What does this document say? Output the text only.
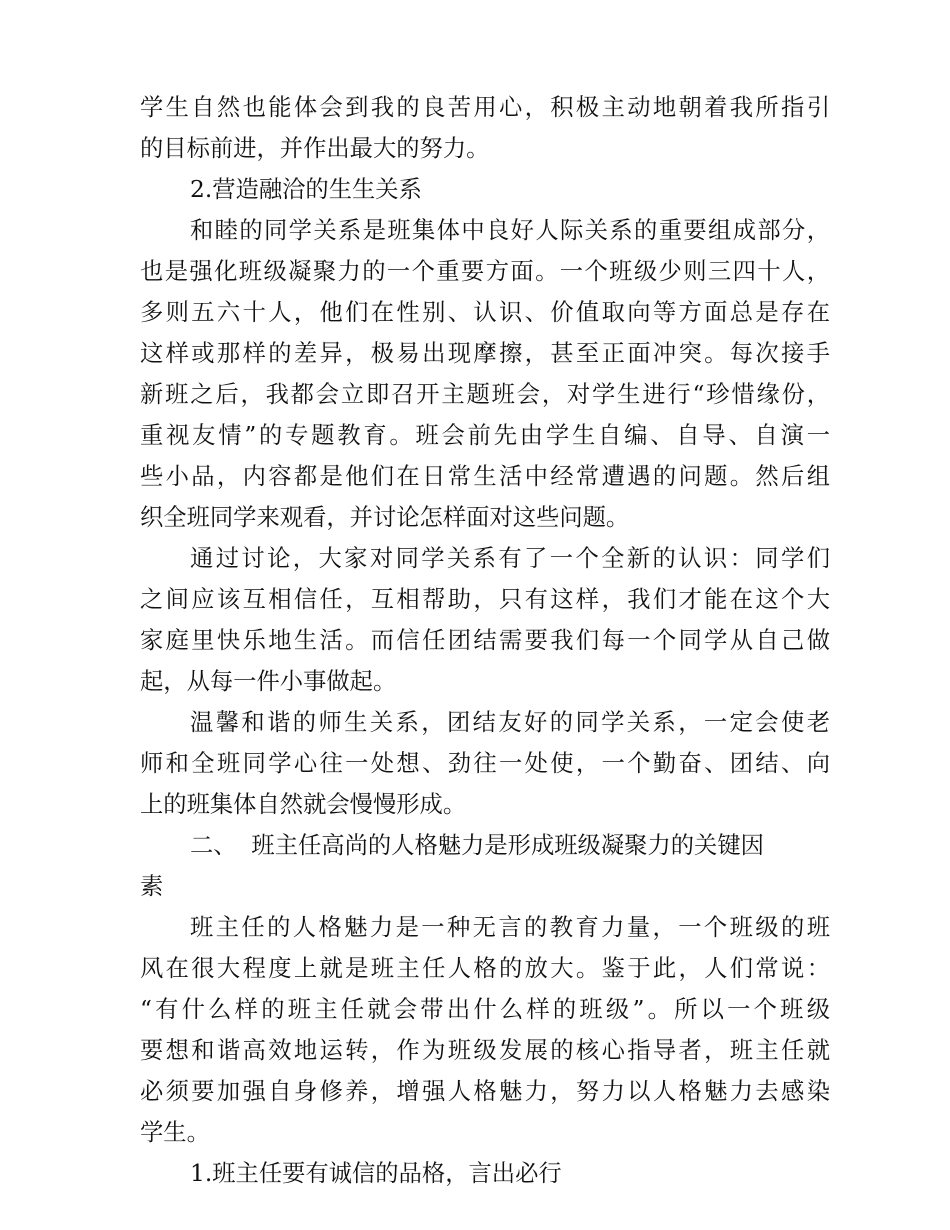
学生自然也能体会到我的良苦用心，积极主动地朝着我所指引
的目标前进，并作出最大的努力。
2.营造融洽的生生关系
和睦的同学关系是班集体中良好人际关系的重要组成部分，
也是强化班级凝聚力的一个重要方面。一个班级少则三四十人，
多则五六十人，他们在性别、认识、价值取向等方面总是存在
这样或那样的差异，极易出现摩擦，甚至正面冲突。每次接手
新班之后，我都会立即召开主题班会，对学生进行“珍惜缘份，
重视友情”的专题教育。班会前先由学生自编、自导、自演一
些小品，内容都是他们在日常生活中经常遭遇的问题。然后组
织全班同学来观看，并讨论怎样面对这些问题。
通过讨论，大家对同学关系有了一个全新的认识：同学们
之间应该互相信任，互相帮助，只有这样，我们才能在这个大
家庭里快乐地生活。而信任团结需要我们每一个同学从自己做
起，从每一件小事做起。
温馨和谐的师生关系，团结友好的同学关系，一定会使老
师和全班同学心往一处想、劲往一处使，一个勤奋、团结、向
上的班集体自然就会慢慢形成。
二、  班主任高尚的人格魅力是形成班级凝聚力的关键因
素
班主任的人格魅力是一种无言的教育力量，一个班级的班
风在很大程度上就是班主任人格的放大。鉴于此，人们常说：
“有什么样的班主任就会带出什么样的班级”。所以一个班级
要想和谐高效地运转，作为班级发展的核心指导者，班主任就
必须要加强自身修养，增强人格魅力，努力以人格魅力去感染
学生。
1.班主任要有诚信的品格，言出必行
